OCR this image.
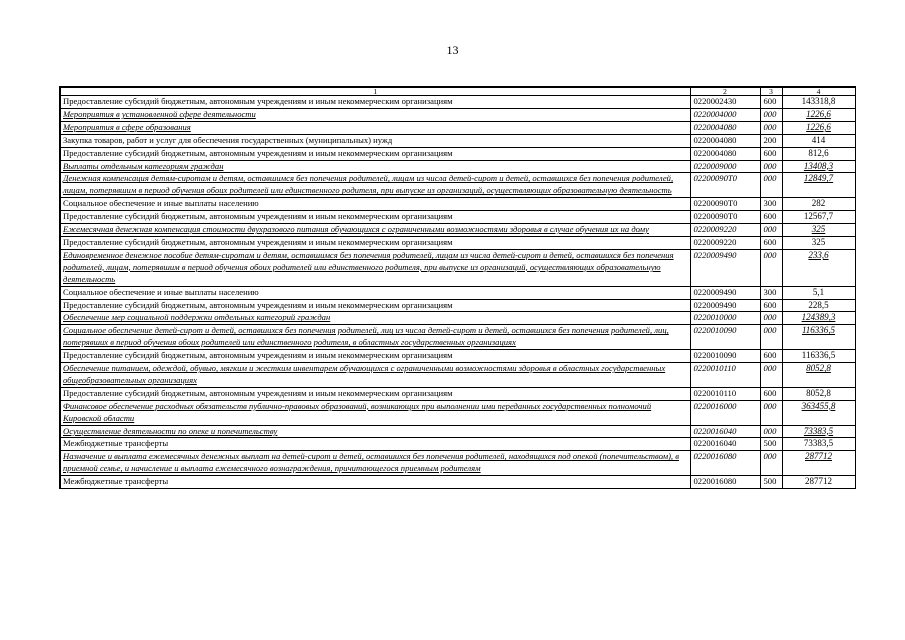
13
1	2	3	4
Предоставление субсидий бюджетным, автономным учреждениям и иным некоммерческим организациям	0220002430	600	143318,8
Мероприятия в установленной сфере деятельности	0220004000	000	1226,6
Мероприятия в сфере образования	0220004080	000	1226,6
Закупка товаров, работ и услуг для обеспечения государственных (муниципальных) нужд	0220004080	200	414
Предоставление субсидий бюджетным, автономным учреждениям и иным некоммерческим организациям	0220004080	600	812,6
Выплаты отдельным категориям граждан	0220009000	000	13408,3
Денежная компенсация детям-сиротам и детям, оставшимся без попечения родителей, лицам из числа детей-сирот и детей, оставшихся без попечения родителей, лицам, потерявшим в период обучения обоих родителей или единственного родителя, при выпуске из организаций, осуществляющих образовательную деятельность	02200090Т0	000	12849,7
Социальное обеспечение и иные выплаты населению	02200090Т0	300	282
Предоставление субсидий бюджетным, автономным учреждениям и иным некоммерческим организациям	02200090Т0	600	12567,7
Ежемесячная денежная компенсация стоимости двухразового питания обучающихся с ограниченными возможностями здоровья в случае обучения их на дому	0220009220	000	325
Предоставление субсидий бюджетным, автономным учреждениям и иным некоммерческим организациям	0220009220	600	325
Единовременное денежное пособие детям-сиротам и детям, оставшимся без попечения родителей, лицам из числа детей-сирот и детей, оставшихся без попечения родителей, лицам, потерявшим в период обучения обоих родителей или единственного родителя, при выпуске из организаций, осуществляющих образовательную деятельность	0220009490	000	233,6
Социальное обеспечение и иные выплаты населению	0220009490	300	5,1
Предоставление субсидий бюджетным, автономным учреждениям и иным некоммерческим организациям	0220009490	600	228,5
Обеспечение мер социальной поддержки отдельных категорий граждан	0220010000	000	124389,3
Социальное обеспечение детей-сирот и детей, оставшихся без попечения родителей, лиц из числа детей-сирот и детей, оставшихся без попечения родителей, лиц, потерявших в период обучения обоих родителей или единственного родителя, в областных государственных организациях	0220010090	000	116336,5
Предоставление субсидий бюджетным, автономным учреждениям и иным некоммерческим организациям	0220010090	600	116336,5
Обеспечение питанием, одеждой, обувью, мягким и жестким инвентарем обучающихся с ограниченными возможностями здоровья в областных государственных общеобразовательных организациях	0220010110	000	8052,8
Предоставление субсидий бюджетным, автономным учреждениям и иным некоммерческим организациям	0220010110	600	8052,8
Финансовое обеспечение расходных обязательств публично-правовых образований, возникающих при выполнении ими переданных государственных полномочий Кировской области	0220016000	000	363455,8
Осуществление деятельности по опеке и попечительству	0220016040	000	73383,5
Межбюджетные трансферты	0220016040	500	73383,5
Назначение и выплата ежемесячных денежных выплат на детей-сирот и детей, оставшихся без попечения родителей, находящихся под опекой (попечительством), в приемной семье, и начисление и выплата ежемесячного вознаграждения, причитающегося приемным родителям	0220016080	000	287712
Межбюджетные трансферты	0220016080	500	287712
